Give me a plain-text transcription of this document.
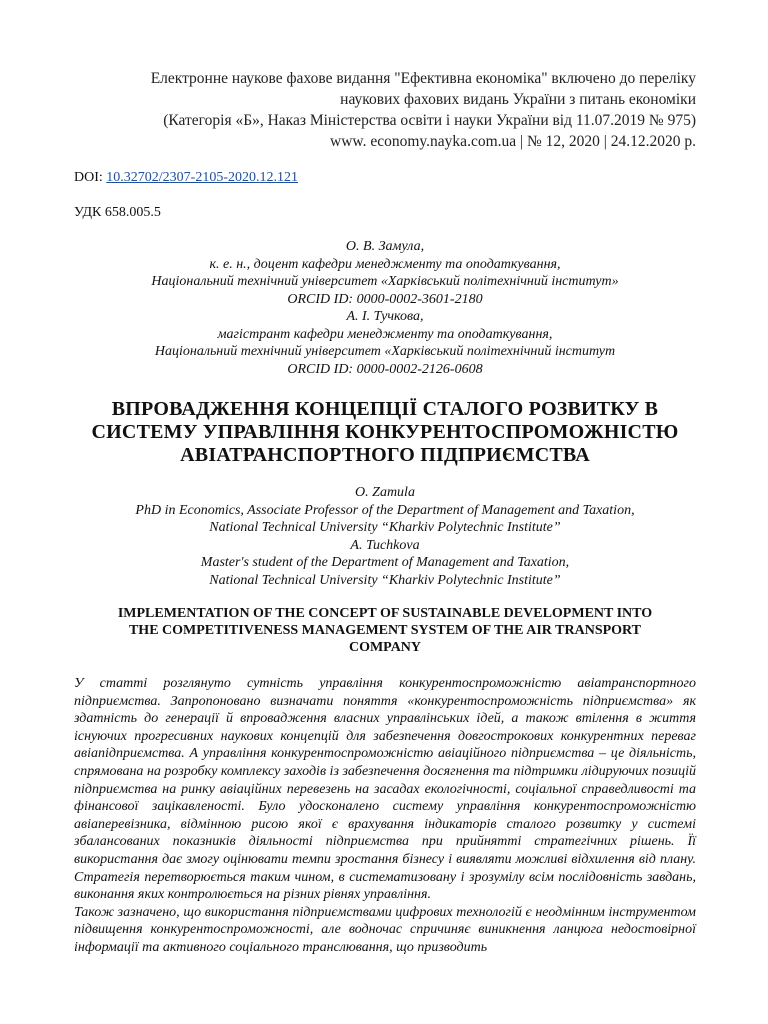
Електронне наукове фахове видання "Ефективна економіка" включено до переліку
наукових фахових видань України з питань економіки
(Категорія «Б», Наказ Міністерства освіти і науки України від 11.07.2019 № 975)
www. economy.nayka.com.ua | № 12, 2020 | 24.12.2020 р.
DOI: 10.32702/2307-2105-2020.12.121
УДК 658.005.5
О. В. Замула,
к. е. н., доцент кафедри менеджменту та оподаткування,
Національний технічний університет «Харківський політехнічний інститут»
ORCID ID: 0000-0002-3601-2180
А. І. Тучкова,
магістрант кафедри менеджменту та оподаткування,
Національний технічний університет «Харківський політехнічний інститут
ORCID ID: 0000-0002-2126-0608
ВПРОВАДЖЕННЯ КОНЦЕПЦІЇ СТАЛОГО РОЗВИТКУ В
СИСТЕМУ УПРАВЛІННЯ КОНКУРЕНТОСПРОМОЖНІСТЮ
АВІАТРАНСПОРТНОГО ПІДПРИЄМСТВА
O. Zamula
PhD in Economics, Associate Professor of the Department of Management and Taxation,
National Technical University “Kharkiv Polytechnic Institute”
A. Tuchkova
Master's student of the Department of Management and Taxation,
National Technical University “Kharkiv Polytechnic Institute”
IMPLEMENTATION OF THE CONCEPT OF SUSTAINABLE DEVELOPMENT INTO
THE COMPETITIVENESS MANAGEMENT SYSTEM OF THE AIR TRANSPORT
COMPANY

У статті розглянуто сутність управління конкурентоспроможністю авіатранспортного підприємства. Запропоновано визначати поняття «конкурентоспроможність підприємства» як здатність до генерації й впровадження власних управлінських ідей, а також втілення в життя існуючих прогресивних наукових концепцій для забезпечення довгострокових конкурентних переваг авіапідприємства. А управління конкурентоспроможністю авіаційного підприємства – це діяльність, спрямована на розробку комплексу заходів із забезпечення досягнення та підтримки лідируючих позицій підприємства на ринку авіаційних перевезень на засадах екологічності, соціальної справедливості та фінансової зацікавленості. Було удосконалено систему управління конкурентоспроможністю авіаперевізника, відмінною рисою якої є врахування індикаторів сталого розвитку у системі збалансованих показників діяльності підприємства при прийнятті стратегічних рішень. Її використання дає змогу оцінювати темпи зростання бізнесу і виявляти можливі відхилення від плану. Стратегія перетворюється таким чином, в систематизовану і зрозумілу всім послідовність завдань, виконання яких контролюється на різних рівнях управління.

Також зазначено, що використання підприємствами цифрових технологій є неодмінним інструментом підвищення конкурентоспроможності, але водночас спричиняє виникнення ланцюга недостовірної інформації та активного соціального транслювання, що призводить
